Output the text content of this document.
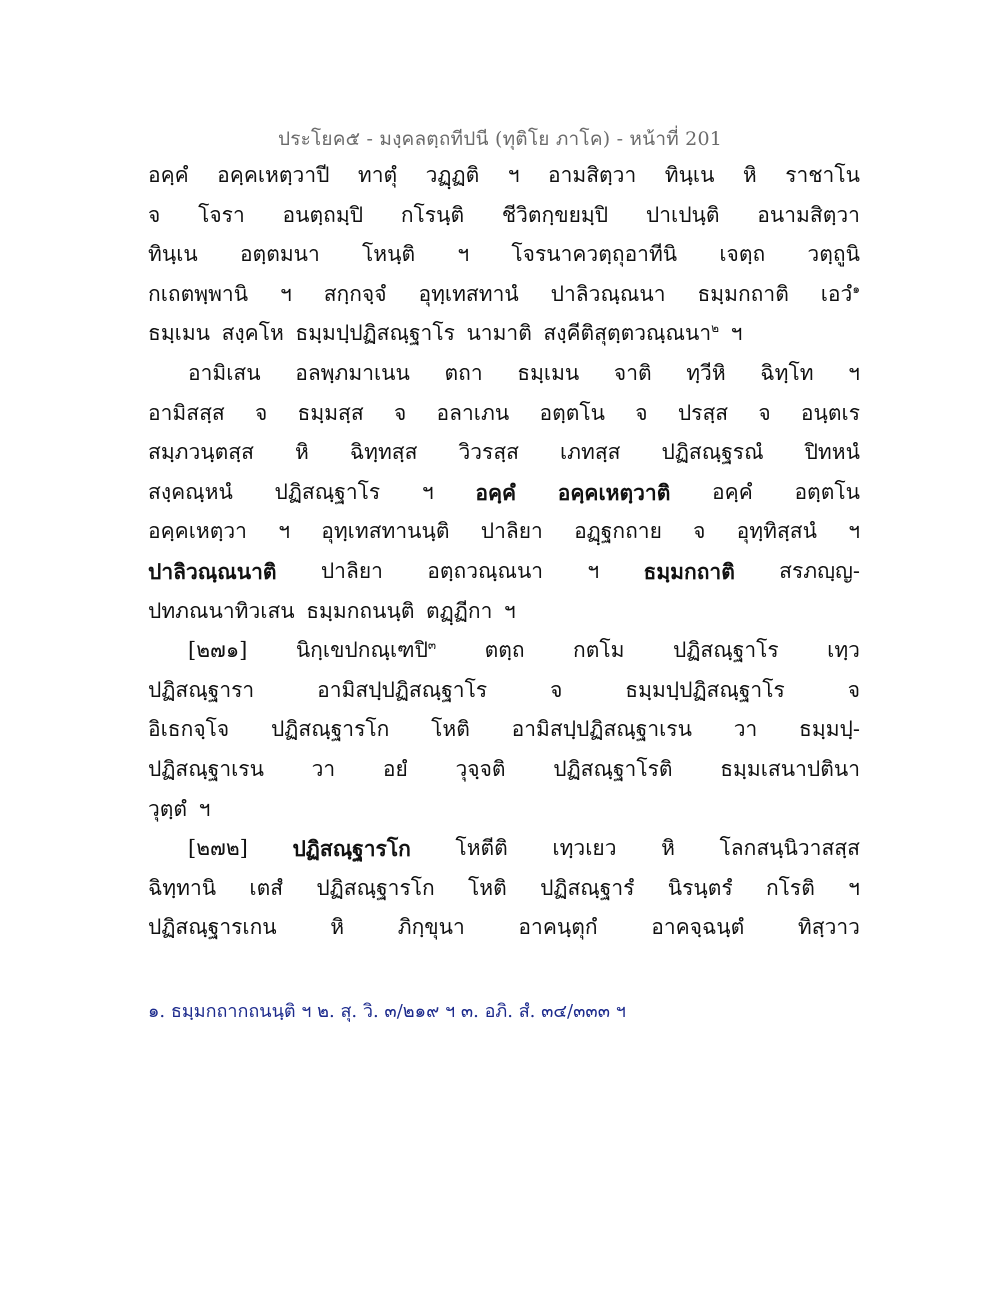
ประโยค๕ - มงฺคลตฺถทีปนี (ทุติโย ภาโค) - หน้าที่ 201
อคฺคํ อคฺคเหตฺวาปี ทาตุํ วฏฺฏติ ฯ อามสิตฺวา ทินฺเน หิ ราชาโน
จ โจรา อนตฺถมฺปิ กโรนฺติ ชีวิตกฺขยมฺปิ ปาเปนฺติ อนามสิตฺวา
ทินฺเน อตฺตมนา โหนฺติ ฯ โจรนาควตฺถุอาทีนิ เจตฺถ วตฺถูนิ
กเถตพฺพานิ ฯ สกฺกจฺจํ อุทฺเทสทานํ ปาลิวณฺณนา ธมฺมกถาติ เอวํ$^๑$
ธมฺเมน สงฺคโห ธมฺมปฺปฏิสณฺฐาโร นามาติ สงฺคีติสุตฺตวณฺณนา$^๒$ ฯ
อามิเสน อลพฺภมาเนน ตถา ธมฺเมน จาติ ทฺวีหิ ฉิทฺโท ฯ
อามิสสฺส จ ธมฺมสฺส จ อลาเภน อตฺตโน จ ปรสฺส จ อนฺตเร
สมฺภวนฺตสฺส หิ ฉิทฺทสฺส วิวรสฺส เภทสฺส ปฏิสณฺฐรณํ ปิทหนํ
สงฺคณฺหนํ ปฏิสณฺฐาโร ฯ อคฺคํ อคฺคเหตฺวาติ อคฺคํ อตฺตโน
อคฺคเหตฺวา ฯ อุทฺเทสทานนฺติ ปาลิยา อฏฺฐกถาย จ อุทฺทิสฺสนํ ฯ
ปาลิวณฺณนาติ ปาลิยา อตฺถวณฺณนา ฯ ธมฺมกถาติ สรภญฺญ-
ปทภณนาทิวเสน ธมฺมกถนนฺติ ตฏฺฏีกา ฯ
[๒๗๑] นิกฺเขปกณฺเฑปิ$^๓$ ตตฺถ กตโม ปฏิสณฺฐาโร เทฺว
ปฏิสณฺฐารา	อามิสปฺปฏิสณฺฐาโร	จ	ธมฺมปฺปฏิสณฺฐาโร	จ
อิเธกจฺโจ ปฏิสณฺฐารโก โหติ อามิสปฺปฏิสณฺฐาเรน วา ธมฺมปฺ-
ปฏิสณฺฐาเรน วา อยํ วุจฺจติ ปฏิสณฺฐาโรติ ธมฺมเสนาปตินา
วุตฺตํ ฯ
[๒๗๒] ปฏิสณฺฐารโก โหตีติ เทฺวเยว หิ โลกสนฺนิวาสสฺส
ฉิทฺทานิ เตสํ ปฏิสณฺฐารโก โหติ ปฏิสณฺฐารํ นิรนฺตรํ กโรติ ฯ
ปฏิสณฺฐารเกน	หิ	ภิกฺขุนา	อาคนฺตุกํ	อาคจฺฉนฺตํ	ทิสฺวาว
๑. ธมฺมกถากถนนฺติ ฯ ๒. สุ. วิ. ๓/๒๑๙ ฯ ๓. อภิ. สํ. ๓๔/๓๓๓ ฯ
